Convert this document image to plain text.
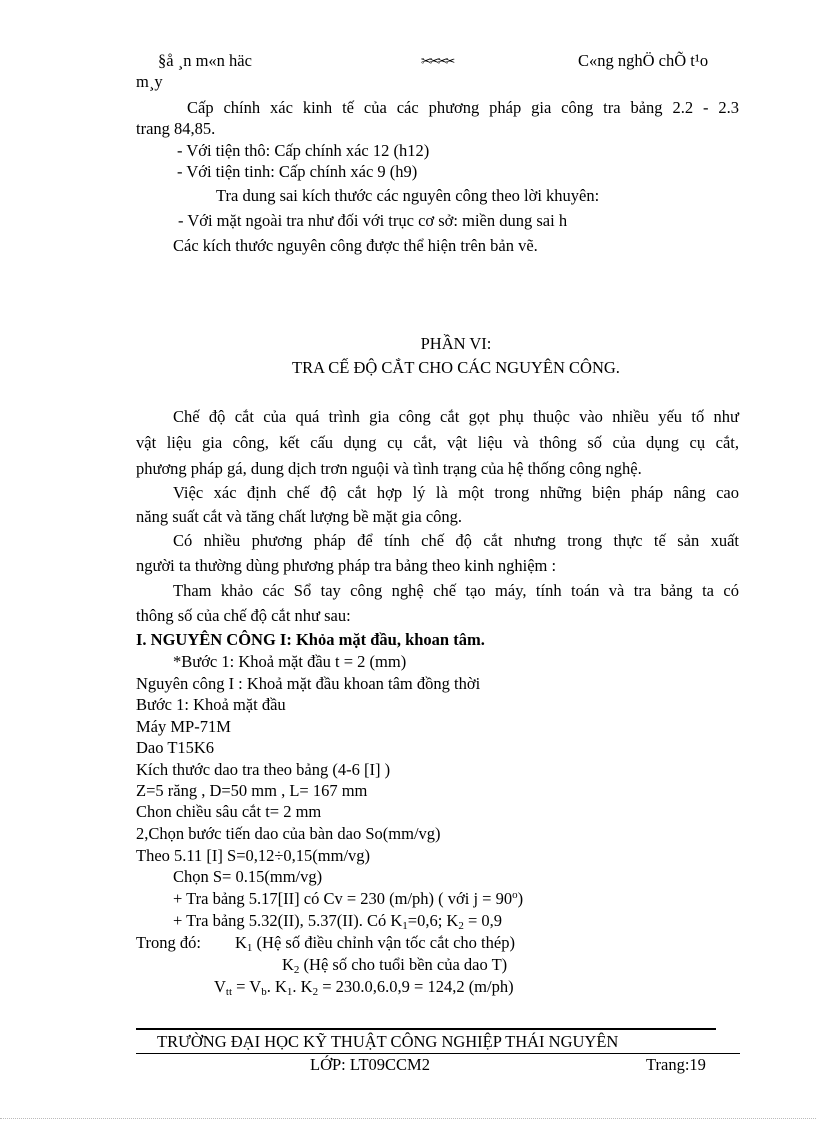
§å ¸n m«n häc	✂✂✂✂	C«ng nghÖ chÕ t¹o
m¸y
Cấp chính xác kinh tế của các phương pháp gia công tra bảng 2.2 - 2.3
trang 84,85.
- Với tiện thô: Cấp chính xác 12 (h12)
- Với tiện tinh: Cấp chính xác 9 (h9)
Tra dung sai kích thước các nguyên công theo lời khuyên:
- Với mặt ngoài tra như đối với trục cơ sở: miền dung sai h
Các kích thước nguyên công được thể hiện trên bản vẽ.
PHẦN VI:
TRA CẾ ĐỘ CẮT CHO CÁC NGUYÊN CÔNG.
Chế độ cắt của quá trình gia công cắt gọt phụ thuộc vào nhiều yếu tố như
vật liệu gia công, kết cấu dụng cụ cắt, vật liệu và thông số của dụng cụ cắt,
phương pháp gá, dung dịch trơn nguội và tình trạng của hệ thống công nghệ.
Việc xác định chế độ cắt hợp lý là một trong những biện pháp nâng cao
năng suất cắt và tăng chất lượng bề mặt gia công.
Có nhiều phương pháp để tính chế độ cắt nhưng trong thực tế sản xuất
người ta thường dùng phương pháp tra bảng theo kinh nghiệm :
Tham khảo các Sổ tay công nghệ chế tạo máy, tính toán và tra bảng ta có
thông số của chế độ cắt như sau:
I. NGUYÊN CÔNG I: Khỏa mặt đầu, khoan tâm.
*Bước 1: Khoả mặt đầu t = 2 (mm)
Nguyên công I : Khoả mặt đầu khoan tâm đồng thời
Bước 1: Khoả mặt đầu
Máy MP-71M
Dao T15K6
Kích thước dao tra theo bảng (4-6 [I] )
Z=5 răng , D=50 mm , L= 167 mm
Chon chiều sâu cắt t= 2 mm
2,Chọn bước tiến dao của bàn dao So(mm/vg)
Theo 5.11 [I] S=0,12÷0,15(mm/vg)
Chọn S= 0.15(mm/vg)
+ Tra bảng 5.17[II] có Cv = 230 (m/ph) ( với $j = 90^o$)
+ Tra bảng 5.32(II), 5.37(II). Có $K_1=0,6$; $K_2 = 0,9$
Trong đó: $K_1$ (Hệ số điều chỉnh vận tốc cắt cho thép)
$K_2$ (Hệ số cho tuổi bền của dao T)
$V_{tt} = V_b$. $K_1$. $K_2 = 230.0,6.0,9 = 124,2$ (m/ph)
TRƯỜNG ĐẠI HỌC KỸ THUẬT CÔNG NGHIỆP THÁI NGUYÊN
LỚP: LT09CCM2	Trang:19
